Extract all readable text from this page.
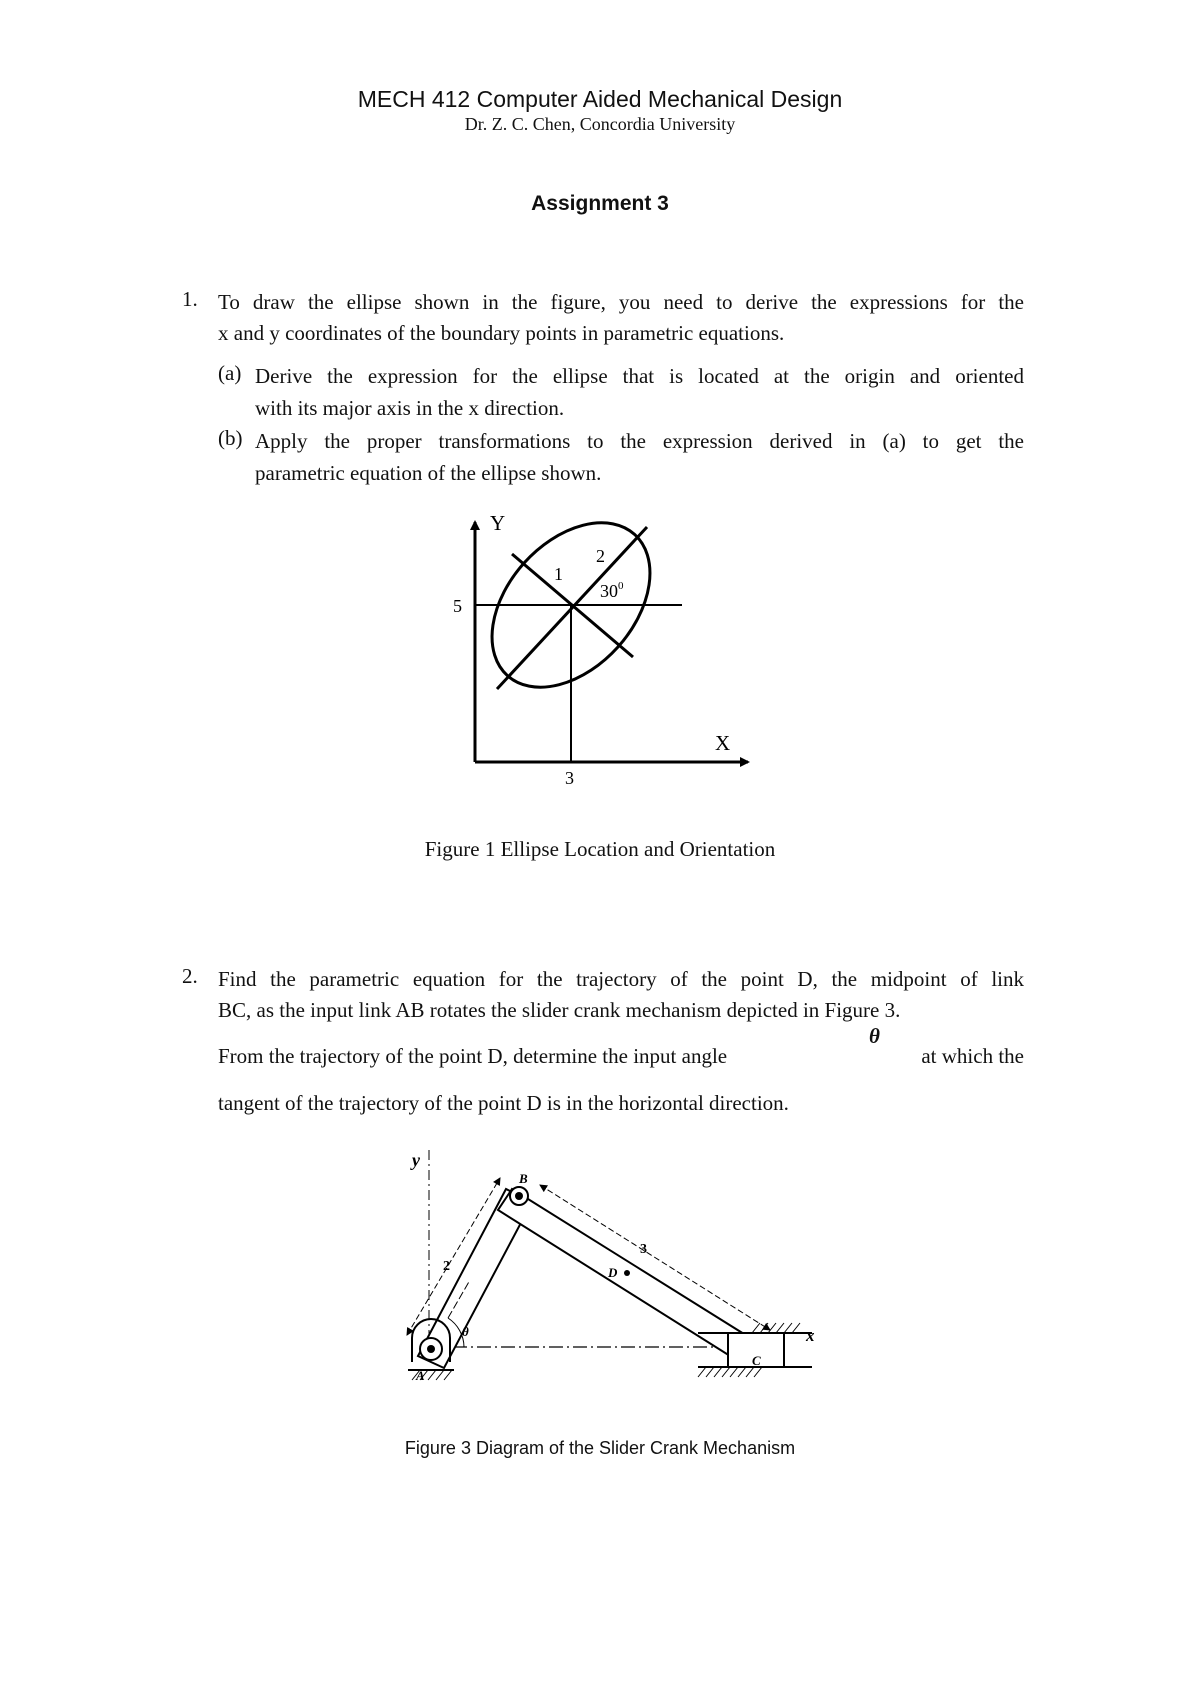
MECH 412 Computer Aided Mechanical Design
Dr. Z. C. Chen, Concordia University
Assignment 3
1. To draw the ellipse shown in the figure, you need to derive the expressions for the
x and y coordinates of the boundary points in parametric equations.
(a) Derive the expression for the ellipse that is located at the origin and oriented
with its major axis in the x direction.
(b) Apply the proper transformations to the expression derived in (a) to get the
parametric equation of the ellipse shown.
Y
X
5
3
1
2
$30^0$
Figure 1 Ellipse Location and Orientation
2. Find the parametric equation for the trajectory of the point D, the midpoint of link
BC, as the input link AB rotates the slider crank mechanism depicted in Figure 3.
From the trajectory of the point D, determine the input angle
θ
at which the
tangent of the trajectory of the point D is in the horizontal direction.
y
x
A
B
C
D
2
3
θ
Figure 3 Diagram of the Slider Crank Mechanism
